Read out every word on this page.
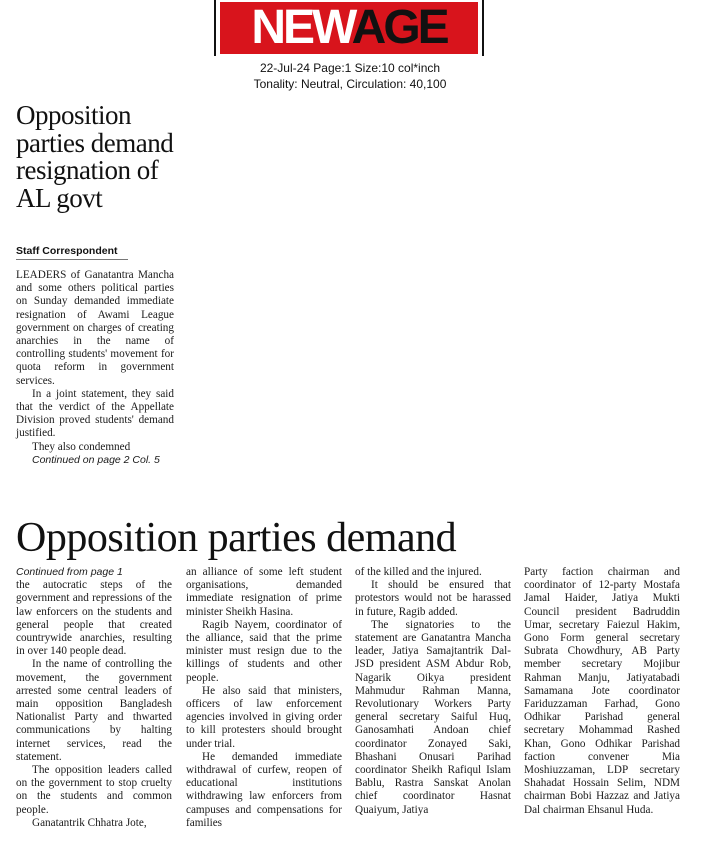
NEWAGE
22-Jul-24 Page:1 Size:10 col*inch
Tonality: Neutral, Circulation: 40,100
Opposition parties demand resignation of AL govt
Staff Correspondent

LEADERS of Ganatantra Mancha and some others political parties on Sunday demanded immediate resignation of Awami League government on charges of creating anarchies in the name of controlling students' movement for quota reform in government services.

In a joint statement, they said that the verdict of the Appellate Division proved students' demand justified.

They also condemned

Continued on page 2 Col. 5
Opposition parties demand
Continued from page 1

the autocratic steps of the government and repressions of the law enforcers on the students and general people that created countrywide anarchies, resulting in over 140 people dead.

In the name of controlling the movement, the government arrested some central leaders of main opposition Bangladesh Nationalist Party and thwarted communications by halting internet services, read the statement.

The opposition leaders called on the government to stop cruelty on the students and common people.

Ganatantrik Chhatra Jote,

an alliance of some left student organisations, demanded immediate resignation of prime minister Sheikh Hasina.

Ragib Nayem, coordinator of the alliance, said that the prime minister must resign due to the killings of students and other people.

He also said that ministers, officers of law enforcement agencies involved in giving order to kill protesters should brought under trial.

He demanded immediate withdrawal of curfew, reopen of educational institutions withdrawing law enforcers from campuses and compensations for families

of the killed and the injured.

It should be ensured that protestors would not be harassed in future, Ragib added.

The signatories to the statement are Ganatantra Mancha leader, Jatiya Samajtantrik Dal-JSD president ASM Abdur Rob, Nagarik Oikya president Mahmudur Rahman Manna, Revolutionary Workers Party general secretary Saiful Huq, Ganosamhati Andoan chief coordinator Zonayed Saki, Bhashani Onusari Parihad coordinator Sheikh Rafiqul Islam Bablu, Rastra Sanskat Anolan chief coordinator Hasnat Quaiyum, Jatiya

Party faction chairman and coordinator of 12-party Mostafa Jamal Haider, Jatiya Mukti Council president Badruddin Umar, secretary Faiezul Hakim, Gono Form general secretary Subrata Chowdhury, AB Party member secretary Mojibur Rahman Manju, Jatiyatabadi Samamana Jote coordinator Fariduzzaman Farhad, Gono Odhikar Parishad general secretary Mohammad Rashed Khan, Gono Odhikar Parishad faction convener Mia Moshiuzzaman, LDP secretary Shahadat Hossain Selim, NDM chairman Bobi Hazzaz and Jatiya Dal chairman Ehsanul Huda.
